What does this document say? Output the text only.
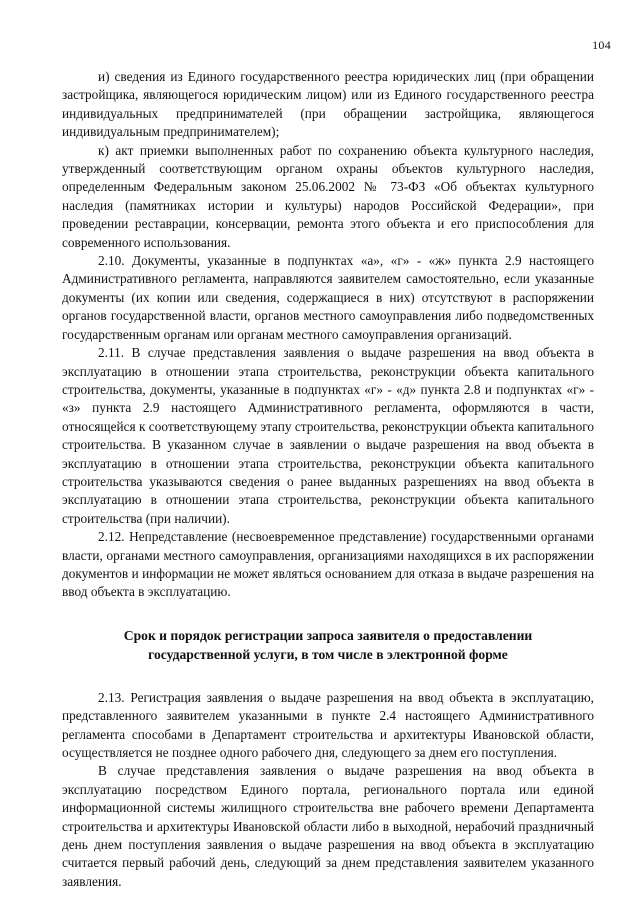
104

и) сведения из Единого государственного реестра юридических лиц (при обращении застройщика, являющегося юридическим лицом) или из Единого государственного реестра индивидуальных предпринимателей (при обращении застройщика, являющегося индивидуальным предпринимателем);

к) акт приемки выполненных работ по сохранению объекта культурного наследия, утвержденный соответствующим органом охраны объектов культурного наследия, определенным Федеральным законом 25.06.2002 № 73-ФЗ «Об объектах культурного наследия (памятниках истории и культуры) народов Российской Федерации», при проведении реставрации, консервации, ремонта этого объекта и его приспособления для современного использования.

2.10. Документы, указанные в подпунктах «а», «г» - «ж» пункта 2.9 настоящего Административного регламента, направляются заявителем самостоятельно, если указанные документы (их копии или сведения, содержащиеся в них) отсутствуют в распоряжении органов государственной власти, органов местного самоуправления либо подведомственных государственным органам или органам местного самоуправления организаций.

2.11. В случае представления заявления о выдаче разрешения на ввод объекта в эксплуатацию в отношении этапа строительства, реконструкции объекта капитального строительства, документы, указанные в подпунктах «г» - «д» пункта 2.8 и подпунктах «г» - «з» пункта 2.9 настоящего Административного регламента, оформляются в части, относящейся к соответствующему этапу строительства, реконструкции объекта капитального строительства. В указанном случае в заявлении о выдаче разрешения на ввод объекта в эксплуатацию в отношении этапа строительства, реконструкции объекта капитального строительства указываются сведения о ранее выданных разрешениях на ввод объекта в эксплуатацию в отношении этапа строительства, реконструкции объекта капитального строительства (при наличии).

2.12. Непредставление (несвоевременное представление) государственными органами власти, органами местного самоуправления, организациями находящихся в их распоряжении документов и информации не может являться основанием для отказа в выдаче разрешения на ввод объекта в эксплуатацию.

Срок и порядок регистрации запроса заявителя о предоставлении

государственной услуги, в том числе в электронной форме

2.13. Регистрация заявления о выдаче разрешения на ввод объекта в эксплуатацию, представленного заявителем указанными в пункте 2.4 настоящего Административного регламента способами в Департамент строительства и архитектуры Ивановской области, осуществляется не позднее одного рабочего дня, следующего за днем его поступления.

В случае представления заявления о выдаче разрешения на ввод объекта в эксплуатацию посредством Единого портала, регионального портала или единой информационной системы жилищного строительства вне рабочего времени Департамента строительства и архитектуры Ивановской области либо в выходной, нерабочий праздничный день днем поступления заявления о выдаче разрешения на ввод объекта в эксплуатацию считается первый рабочий день, следующий за днем представления заявителем указанного заявления.
